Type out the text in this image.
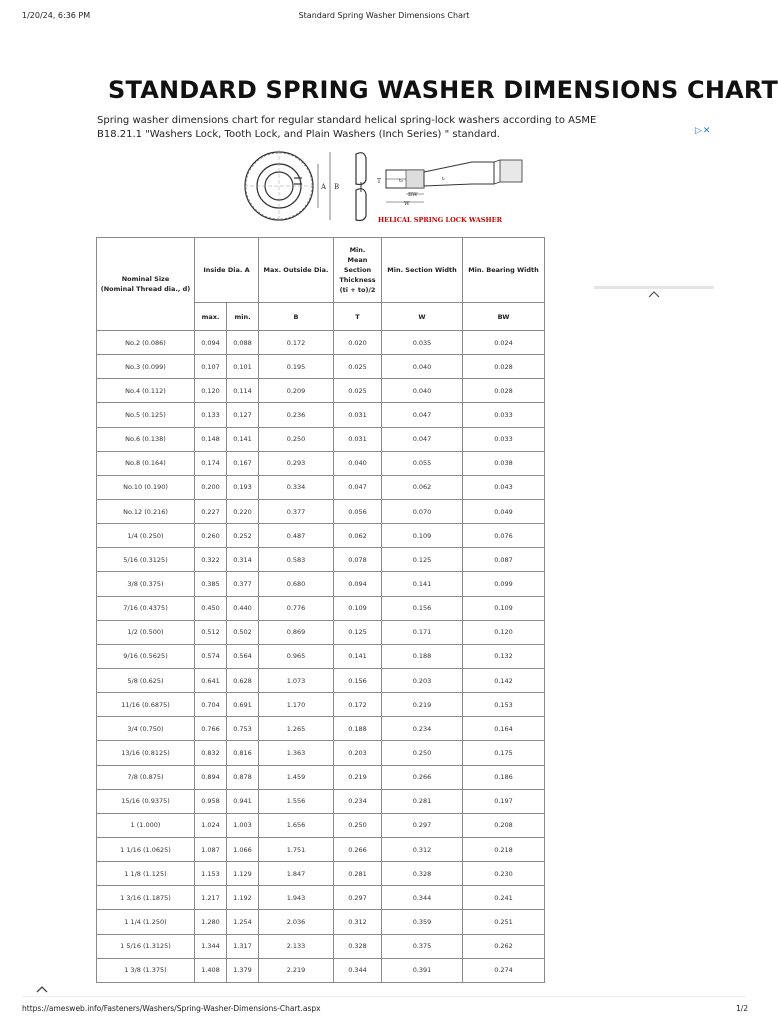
1/20/24, 6:36 PM	Standard Spring Washer Dimensions Chart
STANDARD SPRING WASHER DIMENSIONS CHART
Spring washer dimensions chart for regular standard helical spring-lock washers according to ASME B18.21.1 "Washers Lock, Tooth Lock, and Plain Washers (Inch Series) " standard.	▷✕
A B
T	t₀	tᵢ
BW
W
HELICAL SPRING LOCK WASHER
Nominal Size
(Nominal Thread dia., d)	Inside Dia. A		Max. Outside Dia.	Min.
Mean
Section
Thickness
(ti + to)/2	Min. Section Width	Min. Bearing Width
	max.	min.	B	T	W	BW
No.2 (0.086)	0.094	0.088	0.172	0.020	0.035	0.024
No.3 (0.099)	0.107	0.101	0.195	0.025	0.040	0.028
No.4 (0.112)	0.120	0.114	0.209	0.025	0.040	0.028
No.5 (0.125)	0.133	0.127	0.236	0.031	0.047	0.033
No.6 (0.138)	0.148	0.141	0.250	0.031	0.047	0.033
No.8 (0.164)	0.174	0.167	0.293	0.040	0.055	0.038
No.10 (0.190)	0.200	0.193	0.334	0.047	0.062	0.043
No.12 (0.216)	0.227	0.220	0.377	0.056	0.070	0.049
1/4 (0.250)	0.260	0.252	0.487	0.062	0.109	0.076
5/16 (0.3125)	0.322	0.314	0.583	0.078	0.125	0.087
3/8 (0.375)	0.385	0.377	0.680	0.094	0.141	0.099
7/16 (0.4375)	0.450	0.440	0.776	0.109	0.156	0.109
1/2 (0.500)	0.512	0.502	0.869	0.125	0.171	0.120
9/16 (0.5625)	0.574	0.564	0.965	0.141	0.188	0.132
5/8 (0.625)	0.641	0.628	1.073	0.156	0.203	0.142
11/16 (0.6875)	0.704	0.691	1.170	0.172	0.219	0.153
3/4 (0.750)	0.766	0.753	1.265	0.188	0.234	0.164
13/16 (0.8125)	0.832	0.816	1.363	0.203	0.250	0.175
7/8 (0.875)	0.894	0.878	1.459	0.219	0.266	0.186
15/16 (0.9375)	0.958	0.941	1.556	0.234	0.281	0.197
1 (1.000)	1.024	1.003	1.656	0.250	0.297	0.208
1 1/16 (1.0625)	1.087	1.066	1.751	0.266	0.312	0.218
1 1/8 (1.125)	1.153	1.129	1.847	0.281	0.328	0.230
1 3/16 (1.1875)	1.217	1.192	1.943	0.297	0.344	0.241
1 1/4 (1.250)	1.280	1.254	2.036	0.312	0.359	0.251
1 5/16 (1.3125)	1.344	1.317	2.133	0.328	0.375	0.262
1 3/8 (1.375)	1.408	1.379	2.219	0.344	0.391	0.274
https://amesweb.info/Fasteners/Washers/Spring-Washer-Dimensions-Chart.aspx	1/2
